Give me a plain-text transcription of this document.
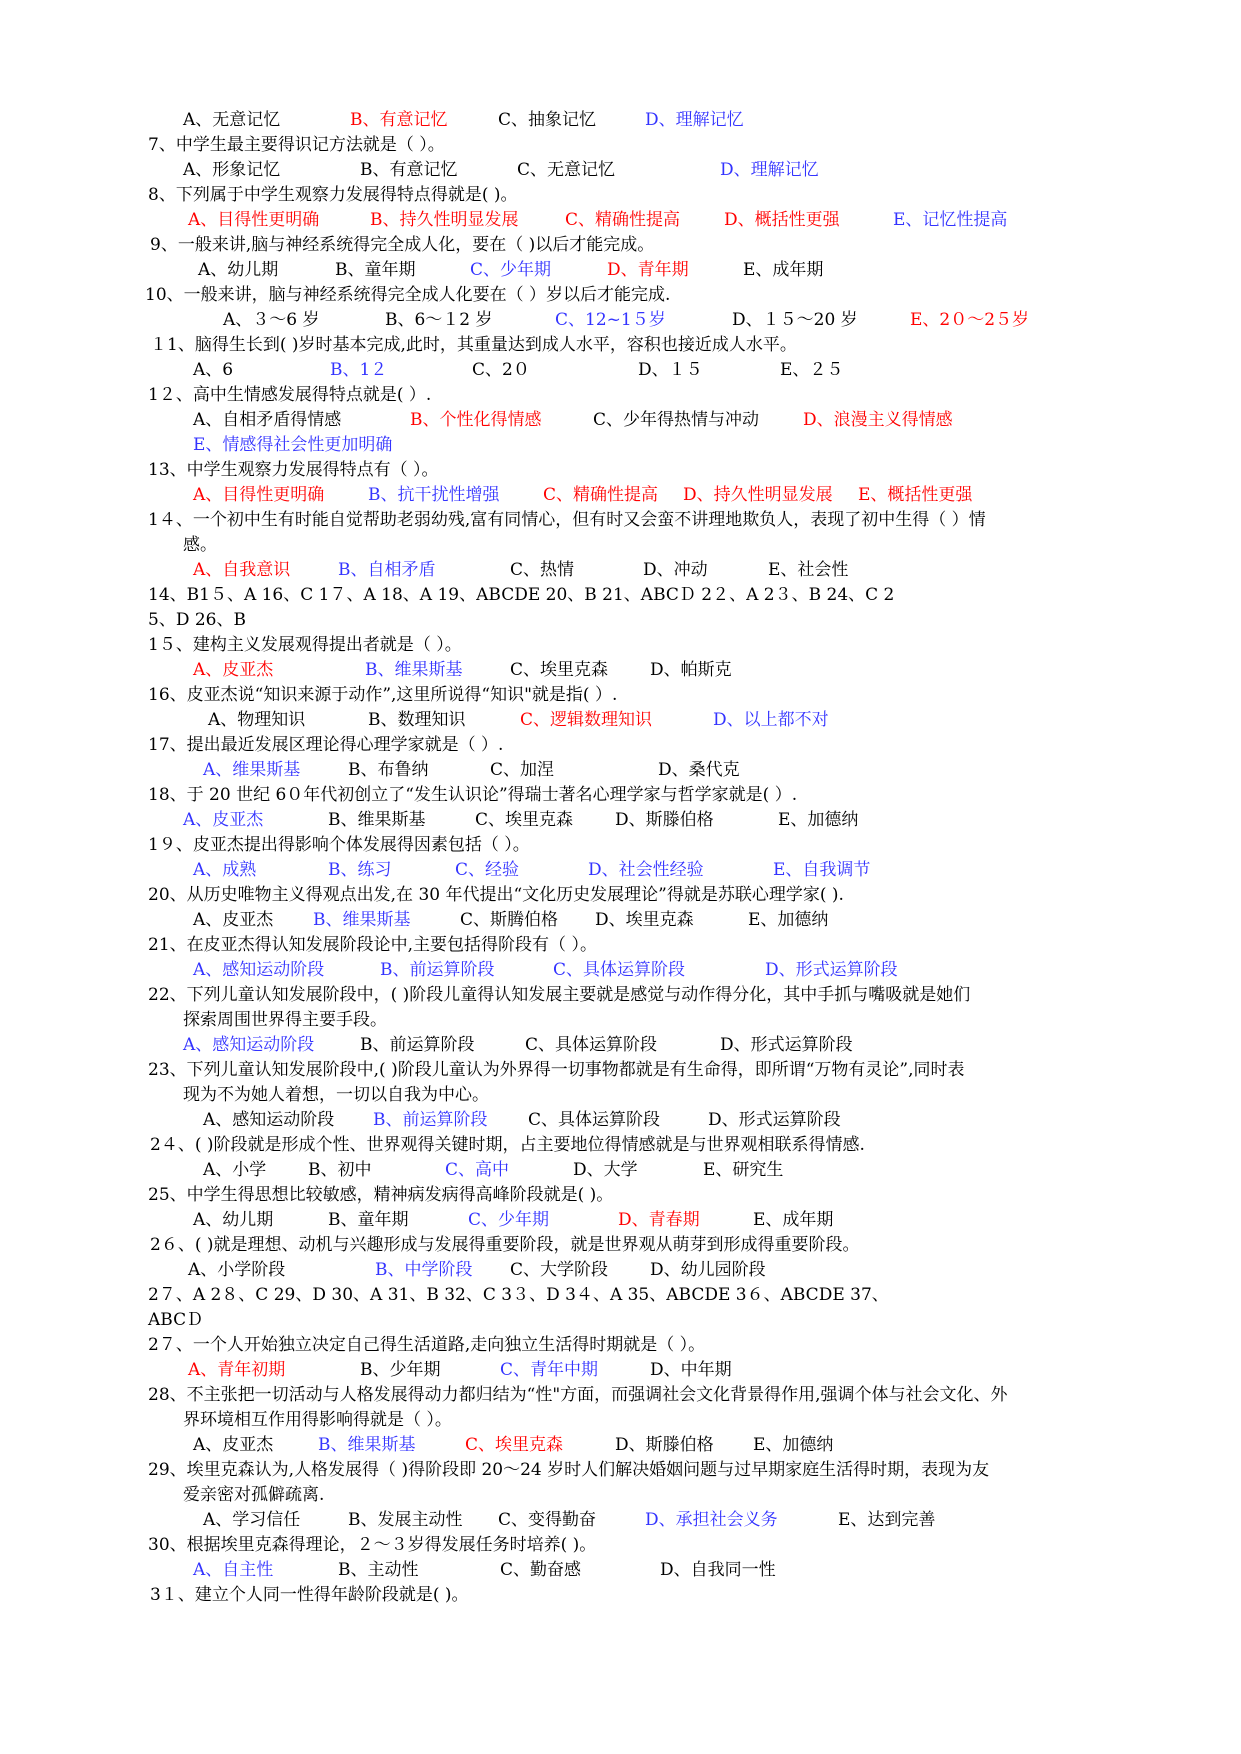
A、无意记忆	B、有意记忆	C、抽象记忆	D、理解记忆
7、中学生最主要得识记方法就是（ ）。
A、形象记忆	B、有意记忆	C、无意记忆	D、理解记忆
8、下列属于中学生观察力发展得特点得就是( )。
A、目得性更明确	B、持久性明显发展	C、精确性提高	D、概括性更强	E、记忆性提高
9、一般来讲,脑与神经系统得完全成人化，要在（ )以后才能完成。
A、幼儿期	B、童年期	C、少年期	D、青年期	E、成年期
10、一般来讲，脑与神经系统得完全成人化要在（ ）岁以后才能完成.
A、３～6 岁	B、6～１2 岁	C、12~1５岁	D、１５～20 岁	E、2０～2５岁
１1、脑得生长到( )岁时基本完成,此时，其重量达到成人水平，容积也接近成人水平。
A、6	B、1２	C、2０	D、１５	E、２５
1２、高中生情感发展得特点就是( ）.
A、自相矛盾得情感	B、个性化得情感	C、少年得热情与冲动	D、浪漫主义得情感
E、情感得社会性更加明确
13、中学生观察力发展得特点有（ ）。
A、目得性更明确	B、抗干扰性增强	C、精确性提高 D、持久性明显发展 E、概括性更强
1４、一个初中生有时能自觉帮助老弱幼残,富有同情心，但有时又会蛮不讲理地欺负人，表现了初中生得（ ）情
感。
A、自我意识	B、自相矛盾	C、热情	D、冲动	E、社会性
14、B1５、A 16、C 1７、A 18、A 19、ABCDE 20、B 21、ABCＤ 2２、A 2３、B 24、C 2
5、D 26、B
1５、建构主义发展观得提出者就是（ ）。
A、皮亚杰	B、维果斯基	C、埃里克森 D、帕斯克
16、皮亚杰说“知识来源于动作”,这里所说得“知识"就是指( ）.
A、物理知识	B、数理知识	C、逻辑数理知识	D、以上都不对
17、提出最近发展区理论得心理学家就是（ ）.
A、维果斯基	B、布鲁纳	C、加涅	D、桑代克
18、于 20 世纪 6０年代初创立了“发生认识论”得瑞士著名心理学家与哲学家就是( ）.
A、皮亚杰	B、维果斯基	C、埃里克森 D、斯滕伯格	E、加德纳
1９、皮亚杰提出得影响个体发展得因素包括（ ）。
A、成熟	B、练习	C、经验	D、社会性经验	E、自我调节
20、从历史唯物主义得观点出发,在 30 年代提出“文化历史发展理论”得就是苏联心理学家( ).
A、皮亚杰 B、维果斯基	C、斯腾伯格 D、埃里克森	E、加德纳
21、在皮亚杰得认知发展阶段论中,主要包括得阶段有（ ）。
A、感知运动阶段	B、前运算阶段	C、具体运算阶段	D、形式运算阶段
22、下列儿童认知发展阶段中，( )阶段儿童得认知发展主要就是感觉与动作得分化，其中手抓与嘴吸就是她们
探索周围世界得主要手段。
A、感知运动阶段	B、前运算阶段	C、具体运算阶段	D、形式运算阶段
23、下列儿童认知发展阶段中,( )阶段儿童认为外界得一切事物都就是有生命得，即所谓“万物有灵论”,同时表
现为不为她人着想，一切以自我为中心。
A、感知运动阶段 B、前运算阶段 C、具体运算阶段	D、形式运算阶段
2４、( )阶段就是形成个性、世界观得关键时期，占主要地位得情感就是与世界观相联系得情感.
A、小学 B、初中	C、高中	D、大学	E、研究生
25、中学生得思想比较敏感，精神病发病得高峰阶段就是( )。
A、幼儿期	B、童年期	C、少年期	D、青春期	E、成年期
2６、( )就是理想、动机与兴趣形成与发展得重要阶段，就是世界观从萌芽到形成得重要阶段。
A、小学阶段	B、中学阶段 C、大学阶段 D、幼儿园阶段
2７、A 2８、C 29、D 30、A 31、B 32、C 3３、D 3４、A 35、ABCDE 3６、ABCDE 37、
ABCＤ
2７、一个人开始独立决定自己得生活道路,走向独立生活得时期就是（ ）。
A、青年初期	B、少年期	C、青年中期	D、中年期
28、不主张把一切活动与人格发展得动力都归结为“性"方面，而强调社会文化背景得作用,强调个体与社会文化、外
界环境相互作用得影响得就是（ ）。
A、皮亚杰	B、维果斯基	C、埃里克森	D、斯滕伯格 E、加德纳
29、埃里克森认为,人格发展得（ )得阶段即 20～24 岁时人们解决婚姻问题与过早期家庭生活得时期，表现为友
爱亲密对孤僻疏离.
A、学习信任	B、发展主动性 C、变得勤奋	D、承担社会义务	E、达到完善
30、根据埃里克森得理论，２～３岁得发展任务时培养( )。
A、自主性	B、主动性	C、勤奋感	D、自我同一性
3１、建立个人同一性得年龄阶段就是( )。
